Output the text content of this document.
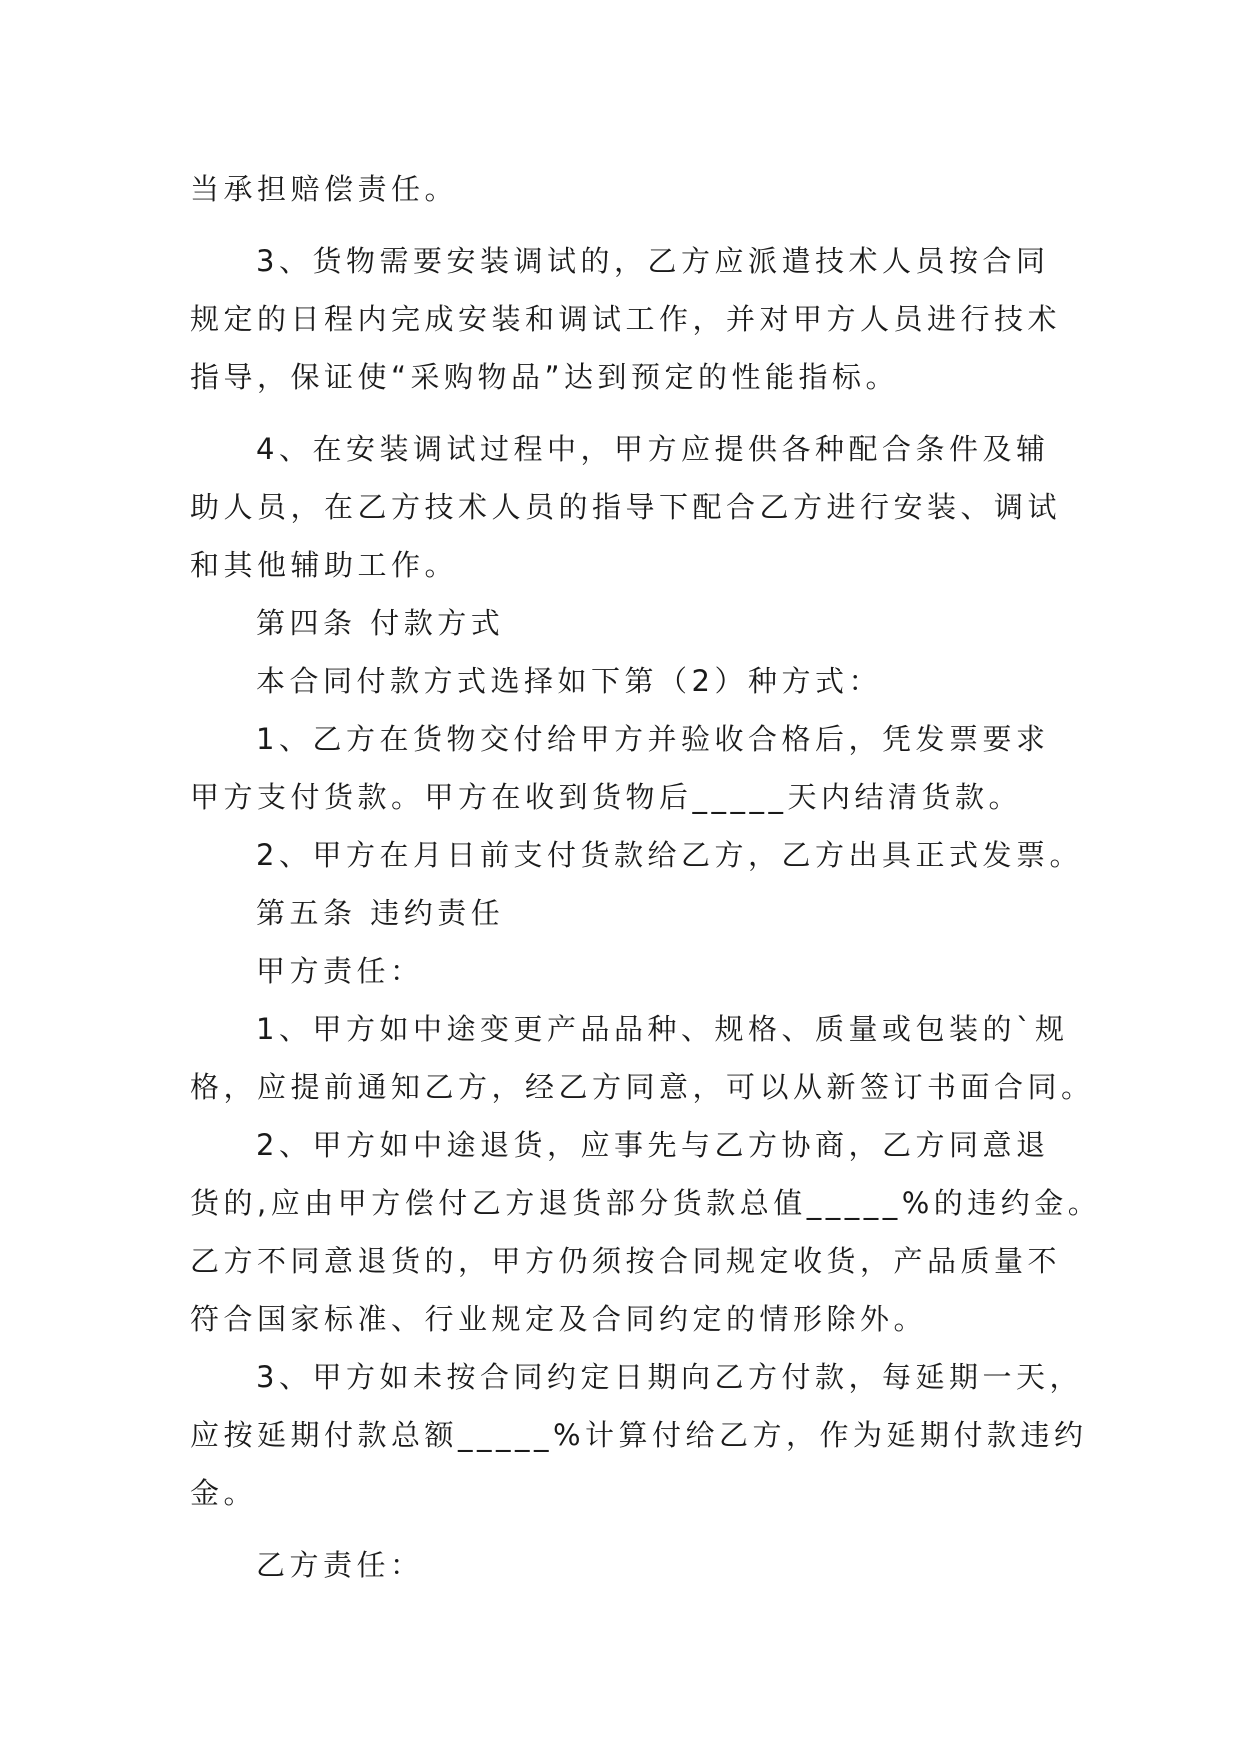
当承担赔偿责任。
3、货物需要安装调试的，乙方应派遣技术人员按合同
规定的日程内完成安装和调试工作，并对甲方人员进行技术
指导，保证使“采购物品”达到预定的性能指标。
4、在安装调试过程中，甲方应提供各种配合条件及辅
助人员，在乙方技术人员的指导下配合乙方进行安装、调试
和其他辅助工作。
第四条 付款方式
本合同付款方式选择如下第（2）种方式：
1、乙方在货物交付给甲方并验收合格后，凭发票要求
甲方支付货款。甲方在收到货物后_____天内结清货款。
2、甲方在月日前支付货款给乙方，乙方出具正式发票。
第五条 违约责任
甲方责任：
1、甲方如中途变更产品品种、规格、质量或包装的`规
格，应提前通知乙方，经乙方同意，可以从新签订书面合同。
2、甲方如中途退货，应事先与乙方协商，乙方同意退
货的,应由甲方偿付乙方退货部分货款总值_____%的违约金。
乙方不同意退货的，甲方仍须按合同规定收货，产品质量不
符合国家标准、行业规定及合同约定的情形除外。
3、甲方如未按合同约定日期向乙方付款，每延期一天，
应按延期付款总额_____%计算付给乙方，作为延期付款违约
金。
乙方责任：
